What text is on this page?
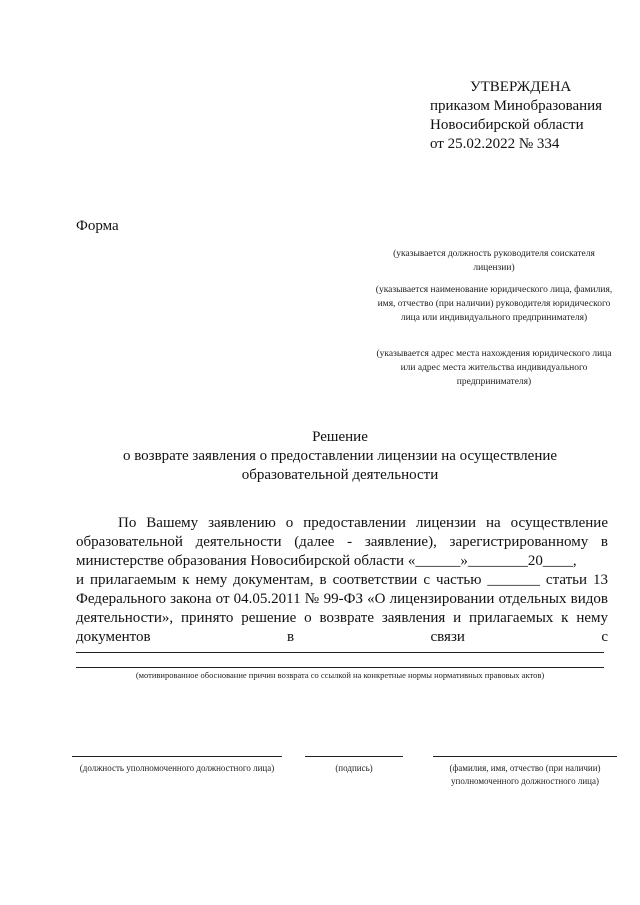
УТВЕРЖДЕНА
приказом Минобразования
Новосибирской области
от 25.02.2022 № 334
Форма
(указывается должность руководителя соискателя лицензии)
(указывается наименование юридического лица, фамилия, имя, отчество (при наличии) руководителя юридического лица или индивидуального предпринимателя)
(указывается адрес места нахождения юридического лица или адрес места жительства индивидуального предпринимателя)
Решение
о возврате заявления о предоставлении лицензии на осуществление
образовательной деятельности
По Вашему заявлению о предоставлении лицензии на осуществление
образовательной деятельности (далее - заявление), зарегистрированному в
министерстве образования Новосибирской области «______»________20____,
и прилагаемым к нему документам, в соответствии с частью _______ статьи 13
Федерального закона от 04.05.2011 № 99-ФЗ «О лицензировании отдельных видов
деятельности», принято решение о возврате заявления и прилагаемых к нему
документов	в	связи	с
(мотивированное обоснование причин возврата со ссылкой на конкретные нормы нормативных правовых актов)
(должность уполномоченного должностного лица)	(подпись)	(фамилия, имя, отчество (при наличии) уполномоченного должностного лица)
